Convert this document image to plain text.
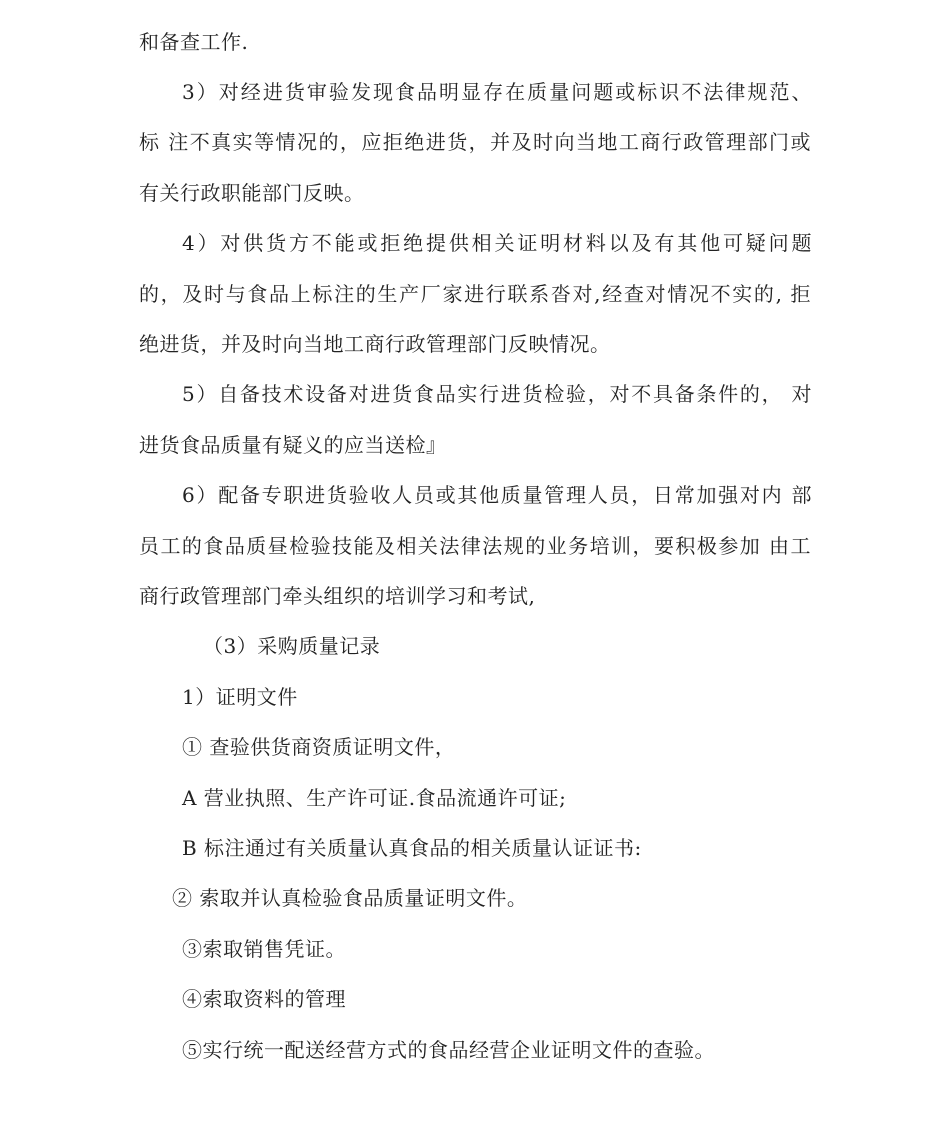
和备查工作.
3）对经进货审验发现食品明显存在质量问题或标识不法律规范、
标 注不真实等情况的，应拒绝进货，并及时向当地工商行政管理部门或
有关行政职能部门反映。
4）对供货方不能或拒绝提供相关证明材料以及有其他可疑问题
的，及时与食品上标注的生产厂家进行联系沓对,经查对情况不实的, 拒
绝进货，并及时向当地工商行政管理部门反映情况。
5）自备技术设备对进货食品实行进货检验，对不具备条件的， 对
进货食品质量有疑义的应当送检』
6）配备专职进货验收人员或其他质量管理人员，日常加强对内 部
员工的食品质昼检验技能及相关法律法规的业务培训，要积极参加 由工
商行政管理部门牵头组织的培训学习和考试,
（3）采购质量记录
1）证明文件
① 查验供货商资质证明文件，
A 营业执照、生产许可证.食品流通许可证;
B 标注通过有关质量认真食品的相关质量认证证书:
② 索取并认真检验食品质量证明文件。
③索取销售凭证。
④索取资料的管理
⑤实行统一配送经营方式的食品经营企业证明文件的查验。
